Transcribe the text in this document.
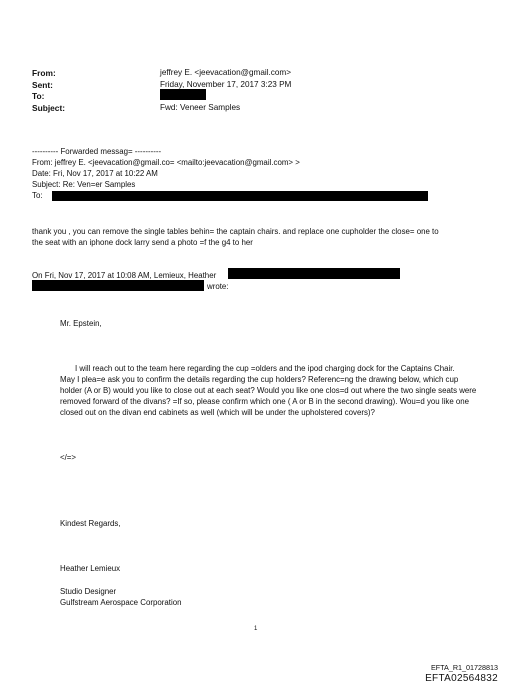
From:	jeffrey E. <jeevacation@gmail.com>
Sent:	Friday, November 17, 2017 3:23 PM
To:
Subject:	Fwd: Veneer Samples
---------- Forwarded messag= ----------
From: jeffrey E. <jeevacation@gmail.co= <mailto:jeevacation@gmail.com> >
Date: Fri, Nov 17, 2017 at 10:22 AM
Subject: Re: Ven=er Samples
To:
thank you , you can remove the single tables behin= the captain chairs. and replace one cupholder the close= one to
the seat with an iphone dock larry send a photo =f the g4 to her
On Fri, Nov 17, 2017 at 10:08 AM, Lemieux, Heather
wrote:
Mr. Epstein,
I will reach out to the team here regarding the cup =olders and the ipod charging dock for the Captains Chair.
May I plea=e ask you to confirm the details regarding the cup holders? Referenc=ng the drawing below, which cup
holder (A or B) would you like to close out at each seat? Would you like one clos=d out where the two single seats were
removed forward of the divans? =If so, please confirm which one ( A or B in the second drawing). Wou=d you like one
closed out on the divan end cabinets as well (which will be under the upholstered covers)?
</=>
Kindest Regards,
Heather Lemieux
Studio Designer
Gulfstream Aerospace Corporation
1
EFTA_R1_01728813
EFTA02564832
